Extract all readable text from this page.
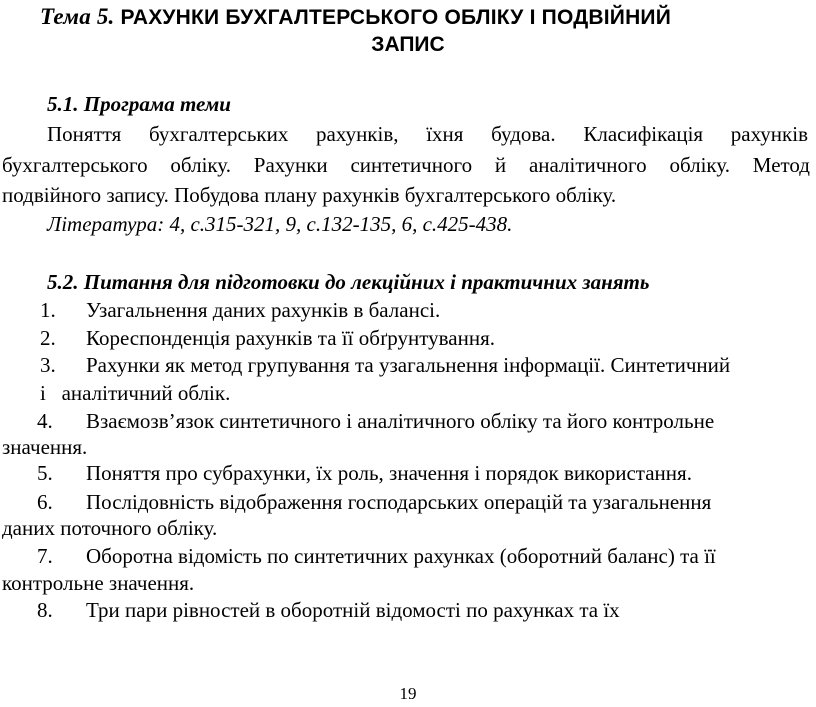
Тема 5. РАХУНКИ БУХГАЛТЕРСЬКОГО ОБЛІКУ І ПОДВІЙНИЙ
ЗАПИС
5.1. Програма теми
Поняття бухгалтерських рахунків, їхня будова. Класифікація рахунків
бухгалтерського обліку. Рахунки синтетичного й аналітичного обліку. Метод
подвійного запису. Побудова плану рахунків бухгалтерського обліку.
Література: 4, с.315-321, 9, с.132-135, 6, с.425-438.
5.2. Питання для підготовки до лекційних і практичних занять
1. Узагальнення даних рахунків в балансі.
2. Кореспонденція рахунків та її обґрунтування.
3. Рахунки як метод групування та узагальнення інформації. Синтетичний
і   аналітичний облік.
4. Взаємозв’язок синтетичного і аналітичного обліку та його контрольне
значення.
5. Поняття про субрахунки, їх роль, значення і порядок використання.
6. Послідовність відображення господарських операцій та узагальнення
даних поточного обліку.
7. Оборотна відомість по синтетичних рахунках (оборотний баланс) та її
контрольне значення.
8. Три пари рівностей в оборотній відомості по рахунках та їх
19
